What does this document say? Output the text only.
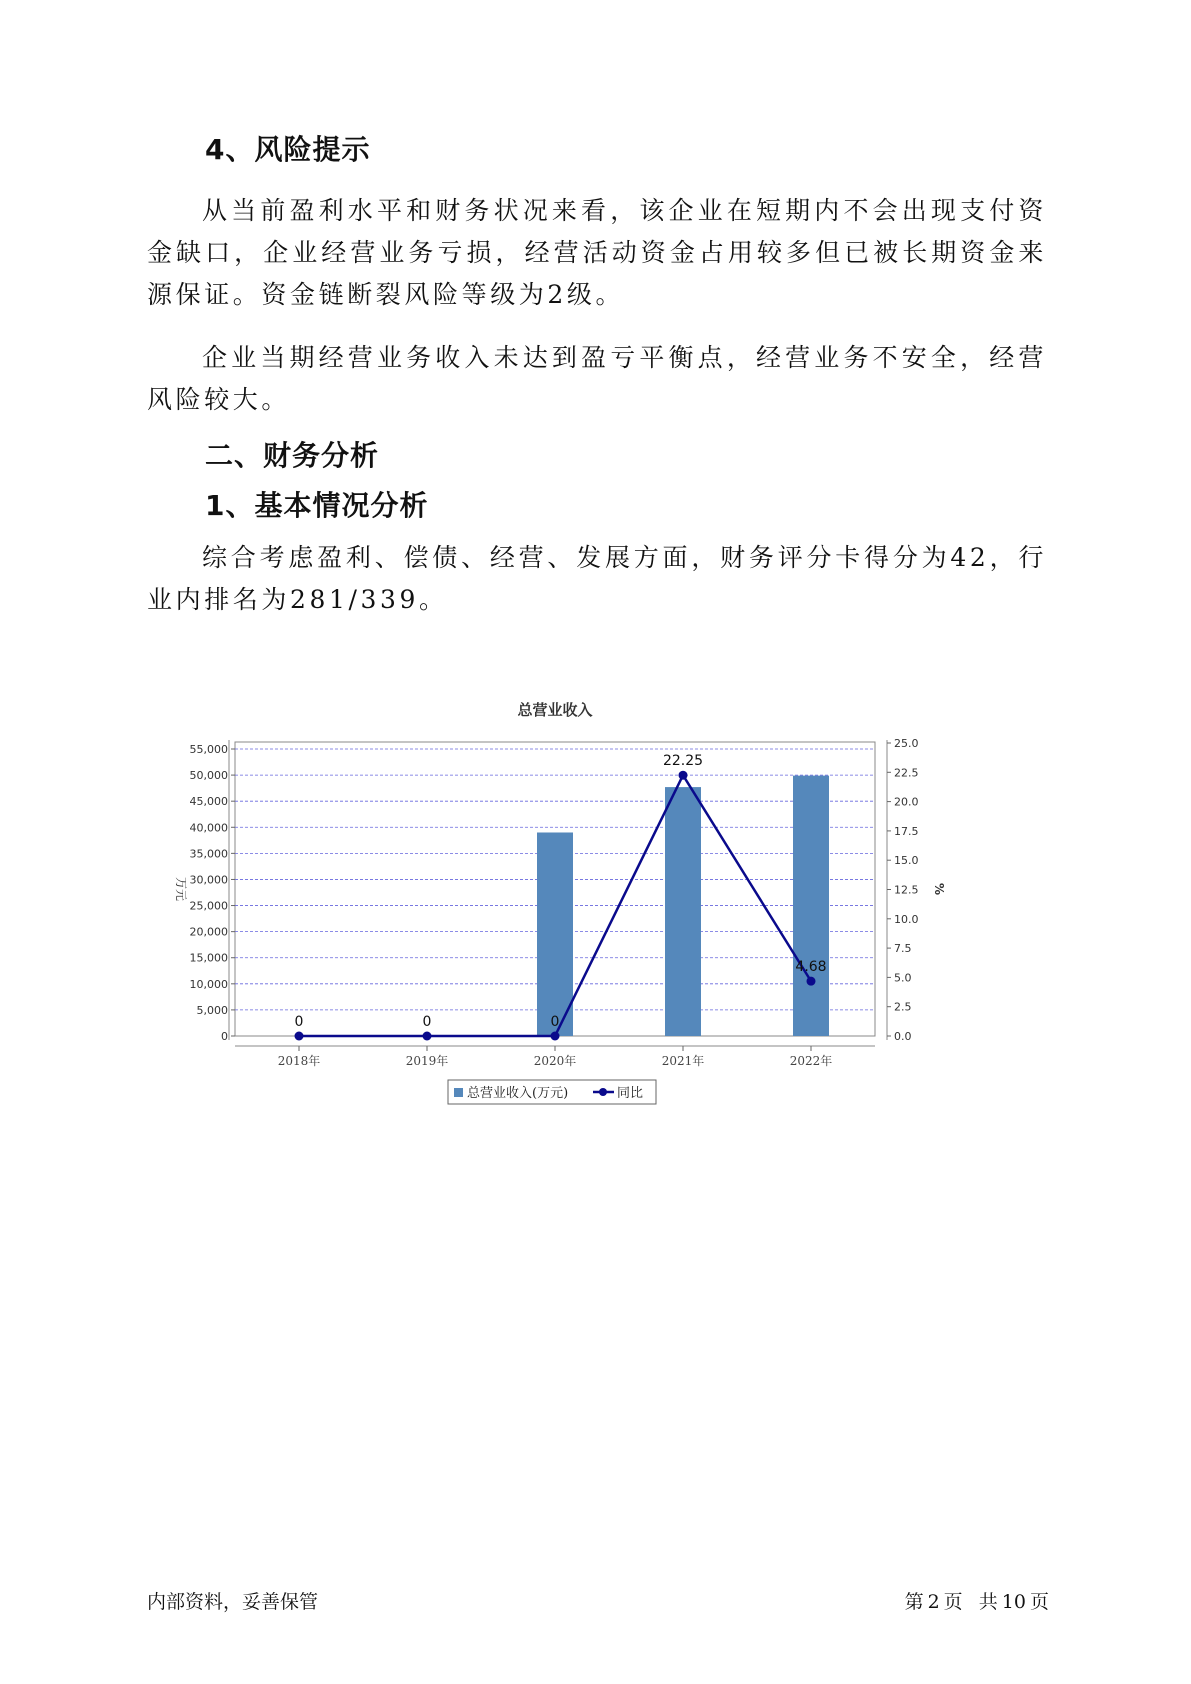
4、风险提示

从当前盈利水平和财务状况来看，该企业在短期内不会出现支付资金缺口，企业经营业务亏损，经营活动资金占用较多但已被长期资金来源保证。资金链断裂风险等级为2级。

企业当期经营业务收入未达到盈亏平衡点，经营业务不安全，经营风险较大。

二、财务分析
1、基本情况分析

综合考虑盈利、偿债、经营、发展方面，财务评分卡得分为42，行业内排名为281/339。

总营业收入
0
5,000
10,000
15,000
20,000
25,000
30,000
35,000
40,000
45,000
50,000
55,000
0.0
2.5
5.0
7.5
10.0
12.5
15.0
17.5
20.0
22.5
25.0
万元	%
2018年	2019年	2020年	2021年	2022年
0	0	0
22.25
4.68
总营业收入(万元)	同比

内部资料，妥善保管	第 2 页 共 10 页
